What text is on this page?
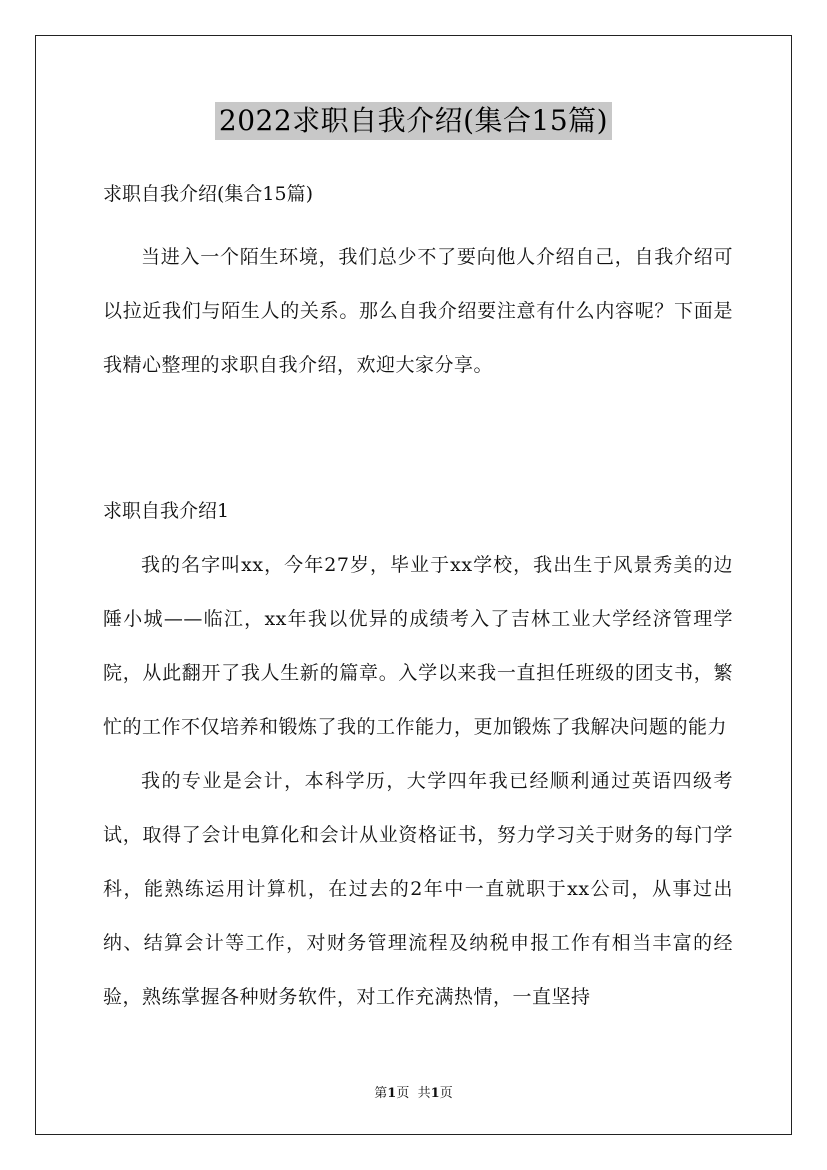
2022求职自我介绍(集合15篇)

求职自我介绍(集合15篇)

当进入一个陌生环境，我们总少不了要向他人介绍自己，自我介绍可以拉近我们与陌生人的关系。那么自我介绍要注意有什么内容呢？下面是我精心整理的求职自我介绍，欢迎大家分享。

求职自我介绍1

我的名字叫xx，今年27岁，毕业于xx学校，我出生于风景秀美的边陲小城——临江，xx年我以优异的成绩考入了吉林工业大学经济管理学院，从此翻开了我人生新的篇章。入学以来我一直担任班级的团支书，繁忙的工作不仅培养和锻炼了我的工作能力，更加锻炼了我解决问题的能力

我的专业是会计，本科学历，大学四年我已经顺利通过英语四级考试，取得了会计电算化和会计从业资格证书，努力学习关于财务的每门学科，能熟练运用计算机，在过去的2年中一直就职于xx公司，从事过出纳、结算会计等工作，对财务管理流程及纳税申报工作有相当丰富的经验，熟练掌握各种财务软件，对工作充满热情，一直坚持

第1页 共1页
